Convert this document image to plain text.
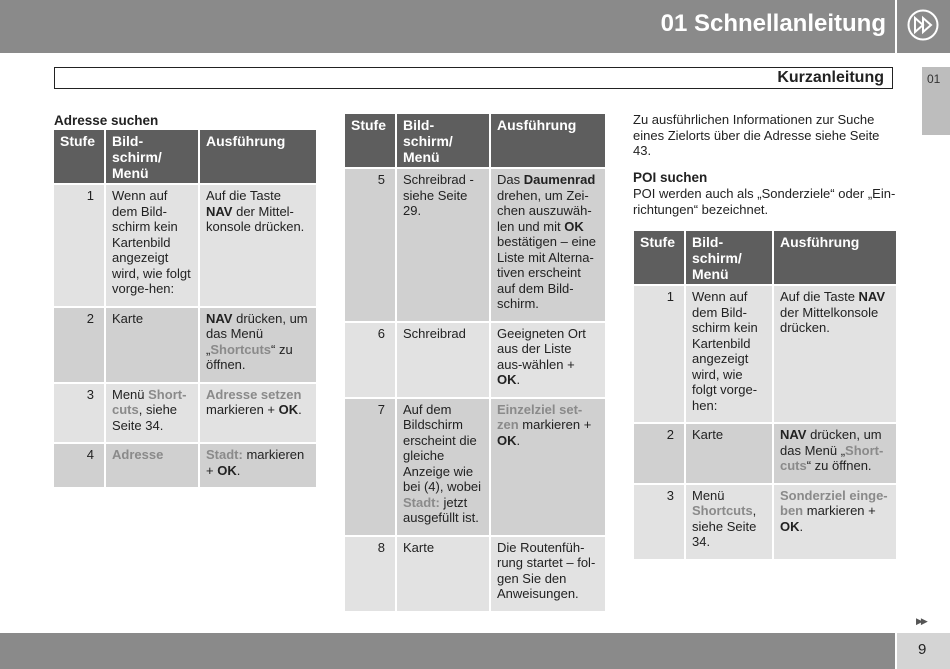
01 Schnellanleitung
Kurzanleitung	01
Adresse suchen
Stufe	Bild-schirm/ Menü	Ausführung
1	Wenn auf dem Bild-schirm kein Kartenbild angezeigt wird, wie folgt vorge-hen:	Auf die Taste NAV der Mittel-konsole drücken.
2	Karte	NAV drücken, um das Menü „Shortcuts“ zu öffnen.
3	Menü Short-cuts, siehe Seite 34.	Adresse setzen markieren + OK.
4	Adresse	Stadt: markieren + OK.
Stufe	Bild-schirm/ Menü	Ausführung
5	Schreibrad - siehe Seite 29.	Das Daumenrad drehen, um Zei-chen auszuwäh-len und mit OK bestätigen – eine Liste mit Alterna-tiven erscheint auf dem Bild-schirm.
6	Schreibrad	Geeigneten Ort aus der Liste aus-wählen + OK.
7	Auf dem Bildschirm erscheint die gleiche Anzeige wie bei (4), wobei Stadt: jetzt ausgefüllt ist.	Einzelziel set-zen markieren + OK.
8	Karte	Die Routenfüh-rung startet – fol-gen Sie den Anweisungen.
Zu ausführlichen Informationen zur Suche eines Zielorts über die Adresse siehe Seite 43.
POI suchen
POI werden auch als „Sonderziele“ oder „Ein-richtungen“ bezeichnet.
Stufe	Bild-schirm/ Menü	Ausführung
1	Wenn auf dem Bild-schirm kein Kartenbild angezeigt wird, wie folgt vorge-hen:	Auf die Taste NAV der Mittelkonsole drücken.
2	Karte	NAV drücken, um das Menü „Short-cuts“ zu öffnen.
3	Menü Shortcuts, siehe Seite 34.	Sonderziel einge-ben markieren + OK.
▶▶
9
